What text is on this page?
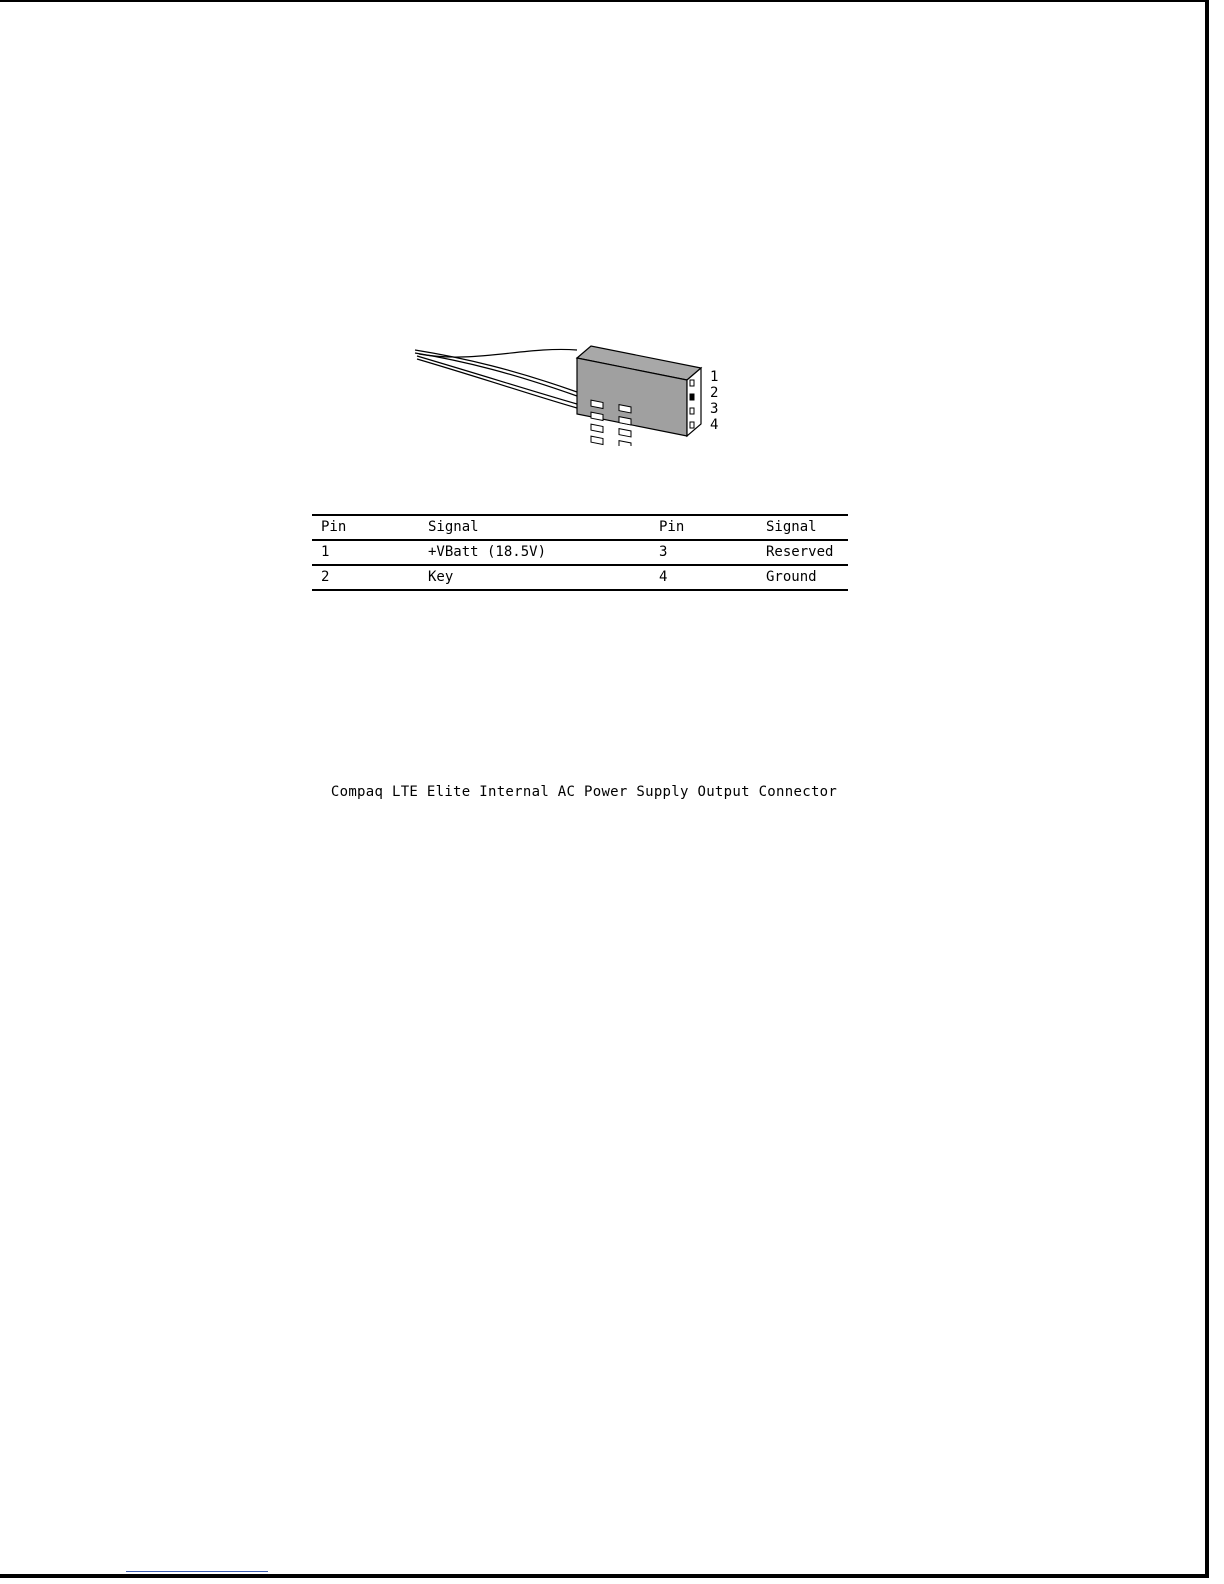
1
2
3
4
Pin	Signal	Pin	Signal
1	+VBatt (18.5V)	3	Reserved
2	Key	4	Ground
Compaq LTE Elite Internal AC Power Supply Output Connector
